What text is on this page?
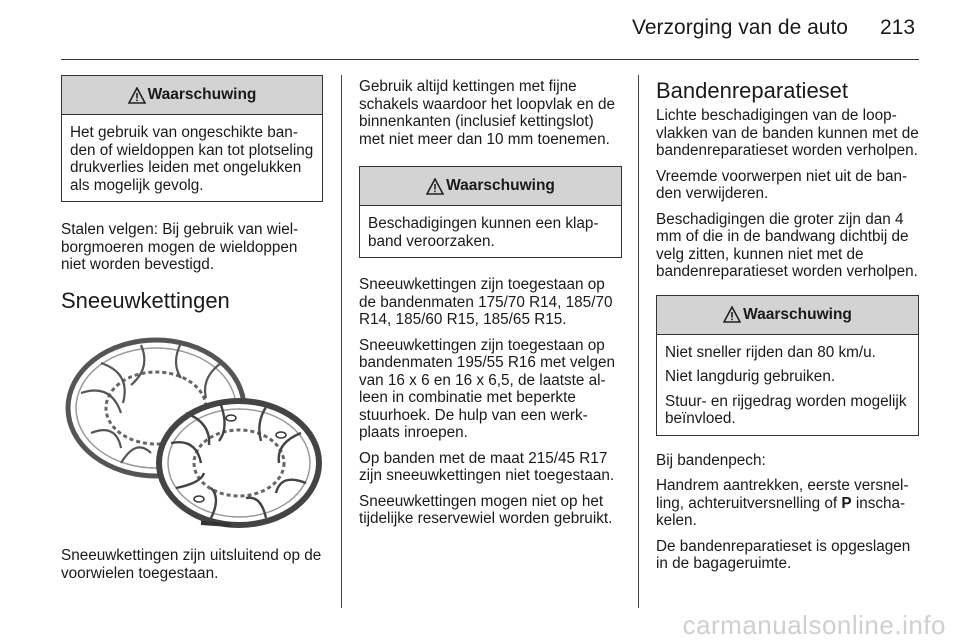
Verzorging van de auto 213
Waarschuwing

Het gebruik van ongeschikte banden of wieldoppen kan tot plotseling drukverlies leiden met ongelukken als mogelijk gevolg.

Stalen velgen: Bij gebruik van wielborgmoeren mogen de wieldoppen niet worden bevestigd.

Sneeuwkettingen

Sneeuwkettingen zijn uitsluitend op de voorwielen toegestaan.

Gebruik altijd kettingen met fijne schakels waardoor het loopvlak en de binnenkanten (inclusief kettingslot) met niet meer dan 10 mm toenemen.

Waarschuwing

Beschadigingen kunnen een klapband veroorzaken.

Sneeuwkettingen zijn toegestaan op de bandenmaten 175/70 R14, 185/70 R14, 185/60 R15, 185/65 R15.

Sneeuwkettingen zijn toegestaan op bandenmaten 195/55 R16 met velgen van 16 x 6 en 16 x 6,5, de laatste alleen in combinatie met beperkte stuurhoek. De hulp van een werkplaats inroepen.

Op banden met de maat 215/45 R17 zijn sneeuwkettingen niet toegestaan.

Sneeuwkettingen mogen niet op het tijdelijke reservewiel worden gebruikt.

Bandenreparatieset

Lichte beschadigingen van de loopvlakken van de banden kunnen met de bandenreparatieset worden verholpen.

Vreemde voorwerpen niet uit de banden verwijderen.

Beschadigingen die groter zijn dan 4 mm of die in de bandwang dichtbij de velg zitten, kunnen niet met de bandenreparatieset worden verholpen.

Waarschuwing

Niet sneller rijden dan 80 km/u.

Niet langdurig gebruiken.

Stuur- en rijgedrag worden mogelijk beïnvloed.

Bij bandenpech:

Handrem aantrekken, eerste versnelling, achteruitversnelling of P inschakelen.

De bandenreparatieset is opgeslagen in de bagageruimte.

carmanualsonline.info
